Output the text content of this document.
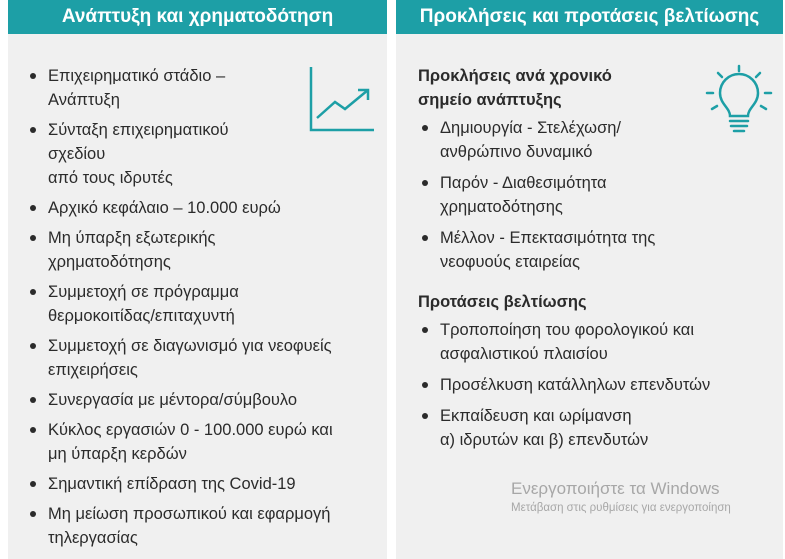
Ανάπτυξη και χρηματοδότηση
Επιχειρηματικό στάδιο –
Ανάπτυξη
Σύνταξη επιχειρηματικού
σχεδίου
από τους ιδρυτές
Αρχικό κεφάλαιο – 10.000 ευρώ
Μη ύπαρξη εξωτερικής
χρηματοδότησης
Συμμετοχή σε πρόγραμμα
θερμοκοιτίδας/επιταχυντή
Συμμετοχή σε διαγωνισμό για νεοφυείς
επιχειρήσεις
Συνεργασία με μέντορα/σύμβουλο
Κύκλος εργασιών 0 - 100.000 ευρώ και
μη ύπαρξη κερδών
Σημαντική επίδραση της Covid-19
Μη μείωση προσωπικού και εφαρμογή
τηλεργασίας
Προκλήσεις και προτάσεις βελτίωσης
Προκλήσεις ανά χρονικό σημείο ανάπτυξης
Δημιουργία - Στελέχωση/
ανθρώπινο δυναμικό
Παρόν - Διαθεσιμότητα
χρηματοδότησης
Μέλλον - Επεκτασιμότητα της
νεοφυούς εταιρείας
Προτάσεις βελτίωσης
Τροποποίηση του φορολογικού και
ασφαλιστικού πλαισίου
Προσέλκυση κατάλληλων επενδυτών
Εκπαίδευση και ωρίμανση
α) ιδρυτών και β) επενδυτών
Ενεργοποιήστε τα Windows
Μετάβαση στις ρυθμίσεις για ενεργοποίηση
